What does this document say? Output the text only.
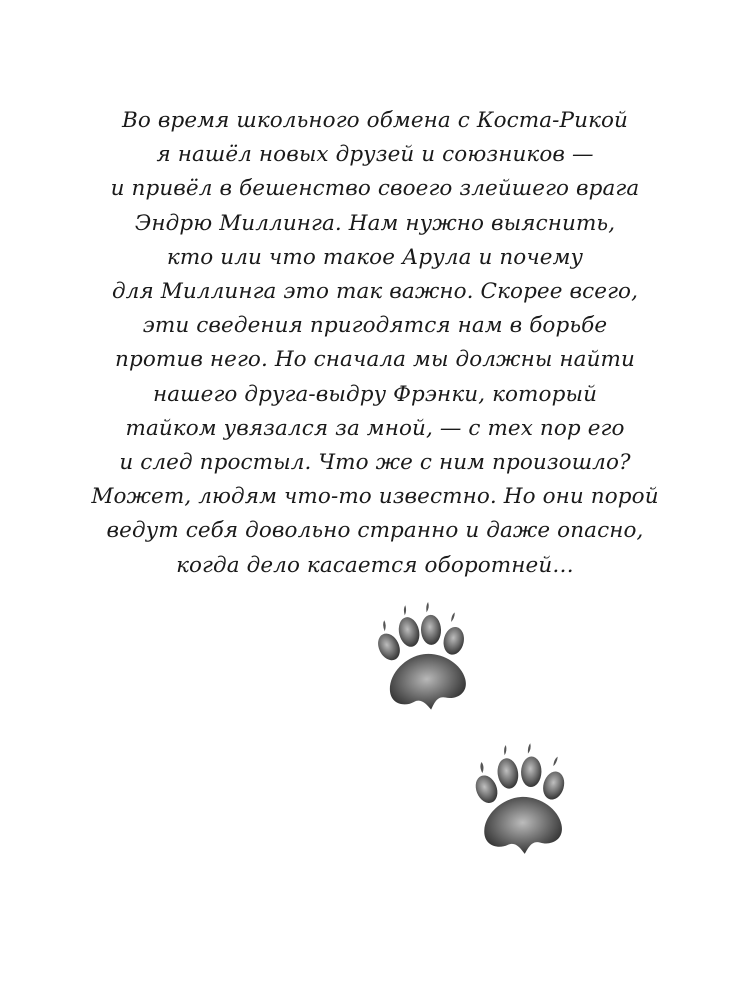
Во время школьного обмена с Коста-Рикой
я нашёл новых друзей и союзников —
и привёл в бешенство своего злейшего врага
Эндрю Миллинга. Нам нужно выяснить,
кто или что такое Арула и почему
для Миллинга это так важно. Скорее всего,
эти сведения пригодятся нам в борьбе
против него. Но сначала мы должны найти
нашего друга-выдру Фрэнки, который
тайком увязался за мной, — с тех пор его
и след простыл. Что же с ним произошло?
Может, людям что-то известно. Но они порой
ведут себя довольно странно и даже опасно,
когда дело касается оборотней…
